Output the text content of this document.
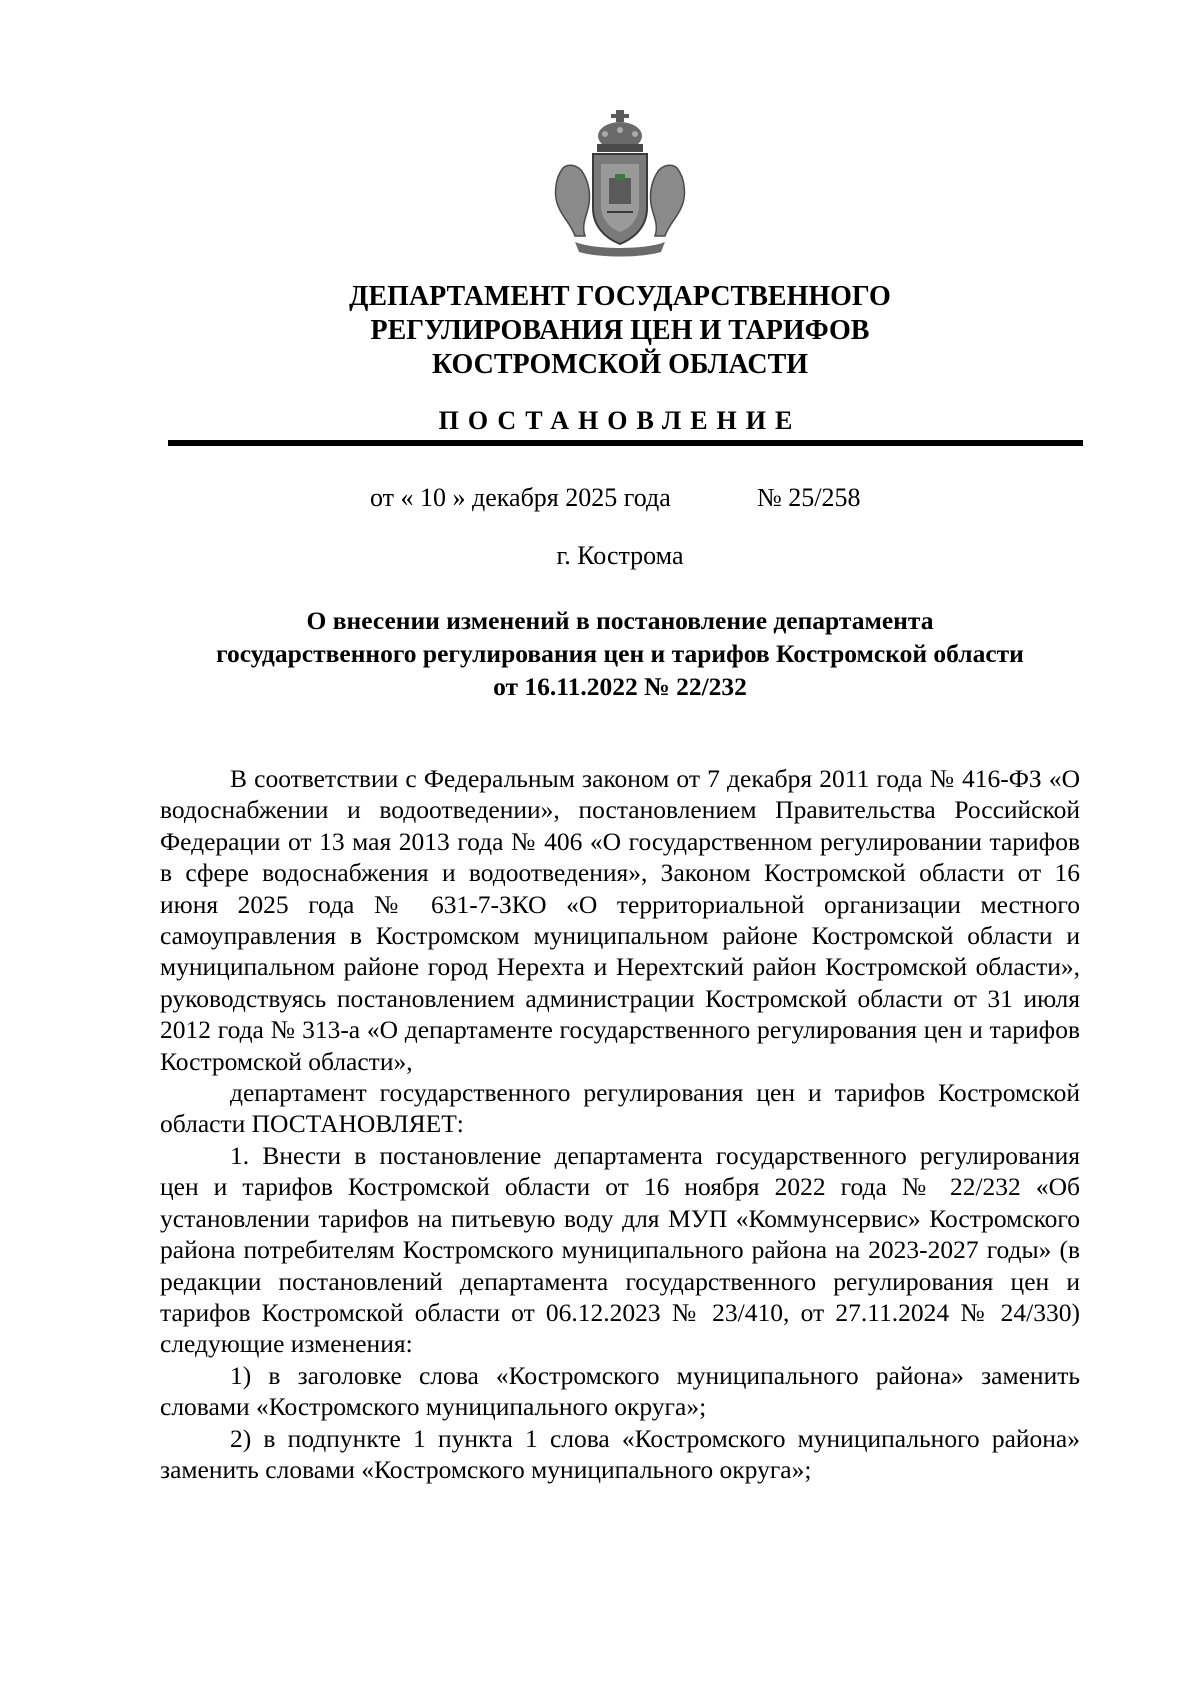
ДЕПАРТАМЕНТ ГОСУДАРСТВЕННОГО
РЕГУЛИРОВАНИЯ ЦЕН И ТАРИФОВ
КОСТРОМСКОЙ ОБЛАСТИ
ПОСТАНОВЛЕНИЕ
от « 10 » декабря 2025 года	№ 25/258
г. Кострома
О внесении изменений в постановление департамента
государственного регулирования цен и тарифов Костромской области
от 16.11.2022 № 22/232

В соответствии с Федеральным законом от 7 декабря 2011 года № 416-ФЗ «О водоснабжении и водоотведении», постановлением Правительства Российской Федерации от 13 мая 2013 года № 406 «О государственном регулировании тарифов в сфере водоснабжения и водоотведения», Законом Костромской области от 16 июня 2025 года № 631-7-ЗКО «О территориальной организации местного самоуправления в Костромском муниципальном районе Костромской области и муниципальном районе город Нерехта и Нерехтский район Костромской области», руководствуясь постановлением администрации Костромской области от 31 июля 2012 года № 313-а «О департаменте государственного регулирования цен и тарифов Костромской области»,

департамент государственного регулирования цен и тарифов Костромской области ПОСТАНОВЛЯЕТ:

1. Внести в постановление департамента государственного регулирования цен и тарифов Костромской области от 16 ноября 2022 года № 22/232 «Об установлении тарифов на питьевую воду для МУП «Коммунсервис» Костромского района потребителям Костромского муниципального района на 2023-2027 годы» (в редакции постановлений департамента государственного регулирования цен и тарифов Костромской области от 06.12.2023 № 23/410, от 27.11.2024 № 24/330) следующие изменения:

1) в заголовке слова «Костромского муниципального района» заменить словами «Костромского муниципального округа»;

2) в подпункте 1 пункта 1 слова «Костромского муниципального района» заменить словами «Костромского муниципального округа»;
